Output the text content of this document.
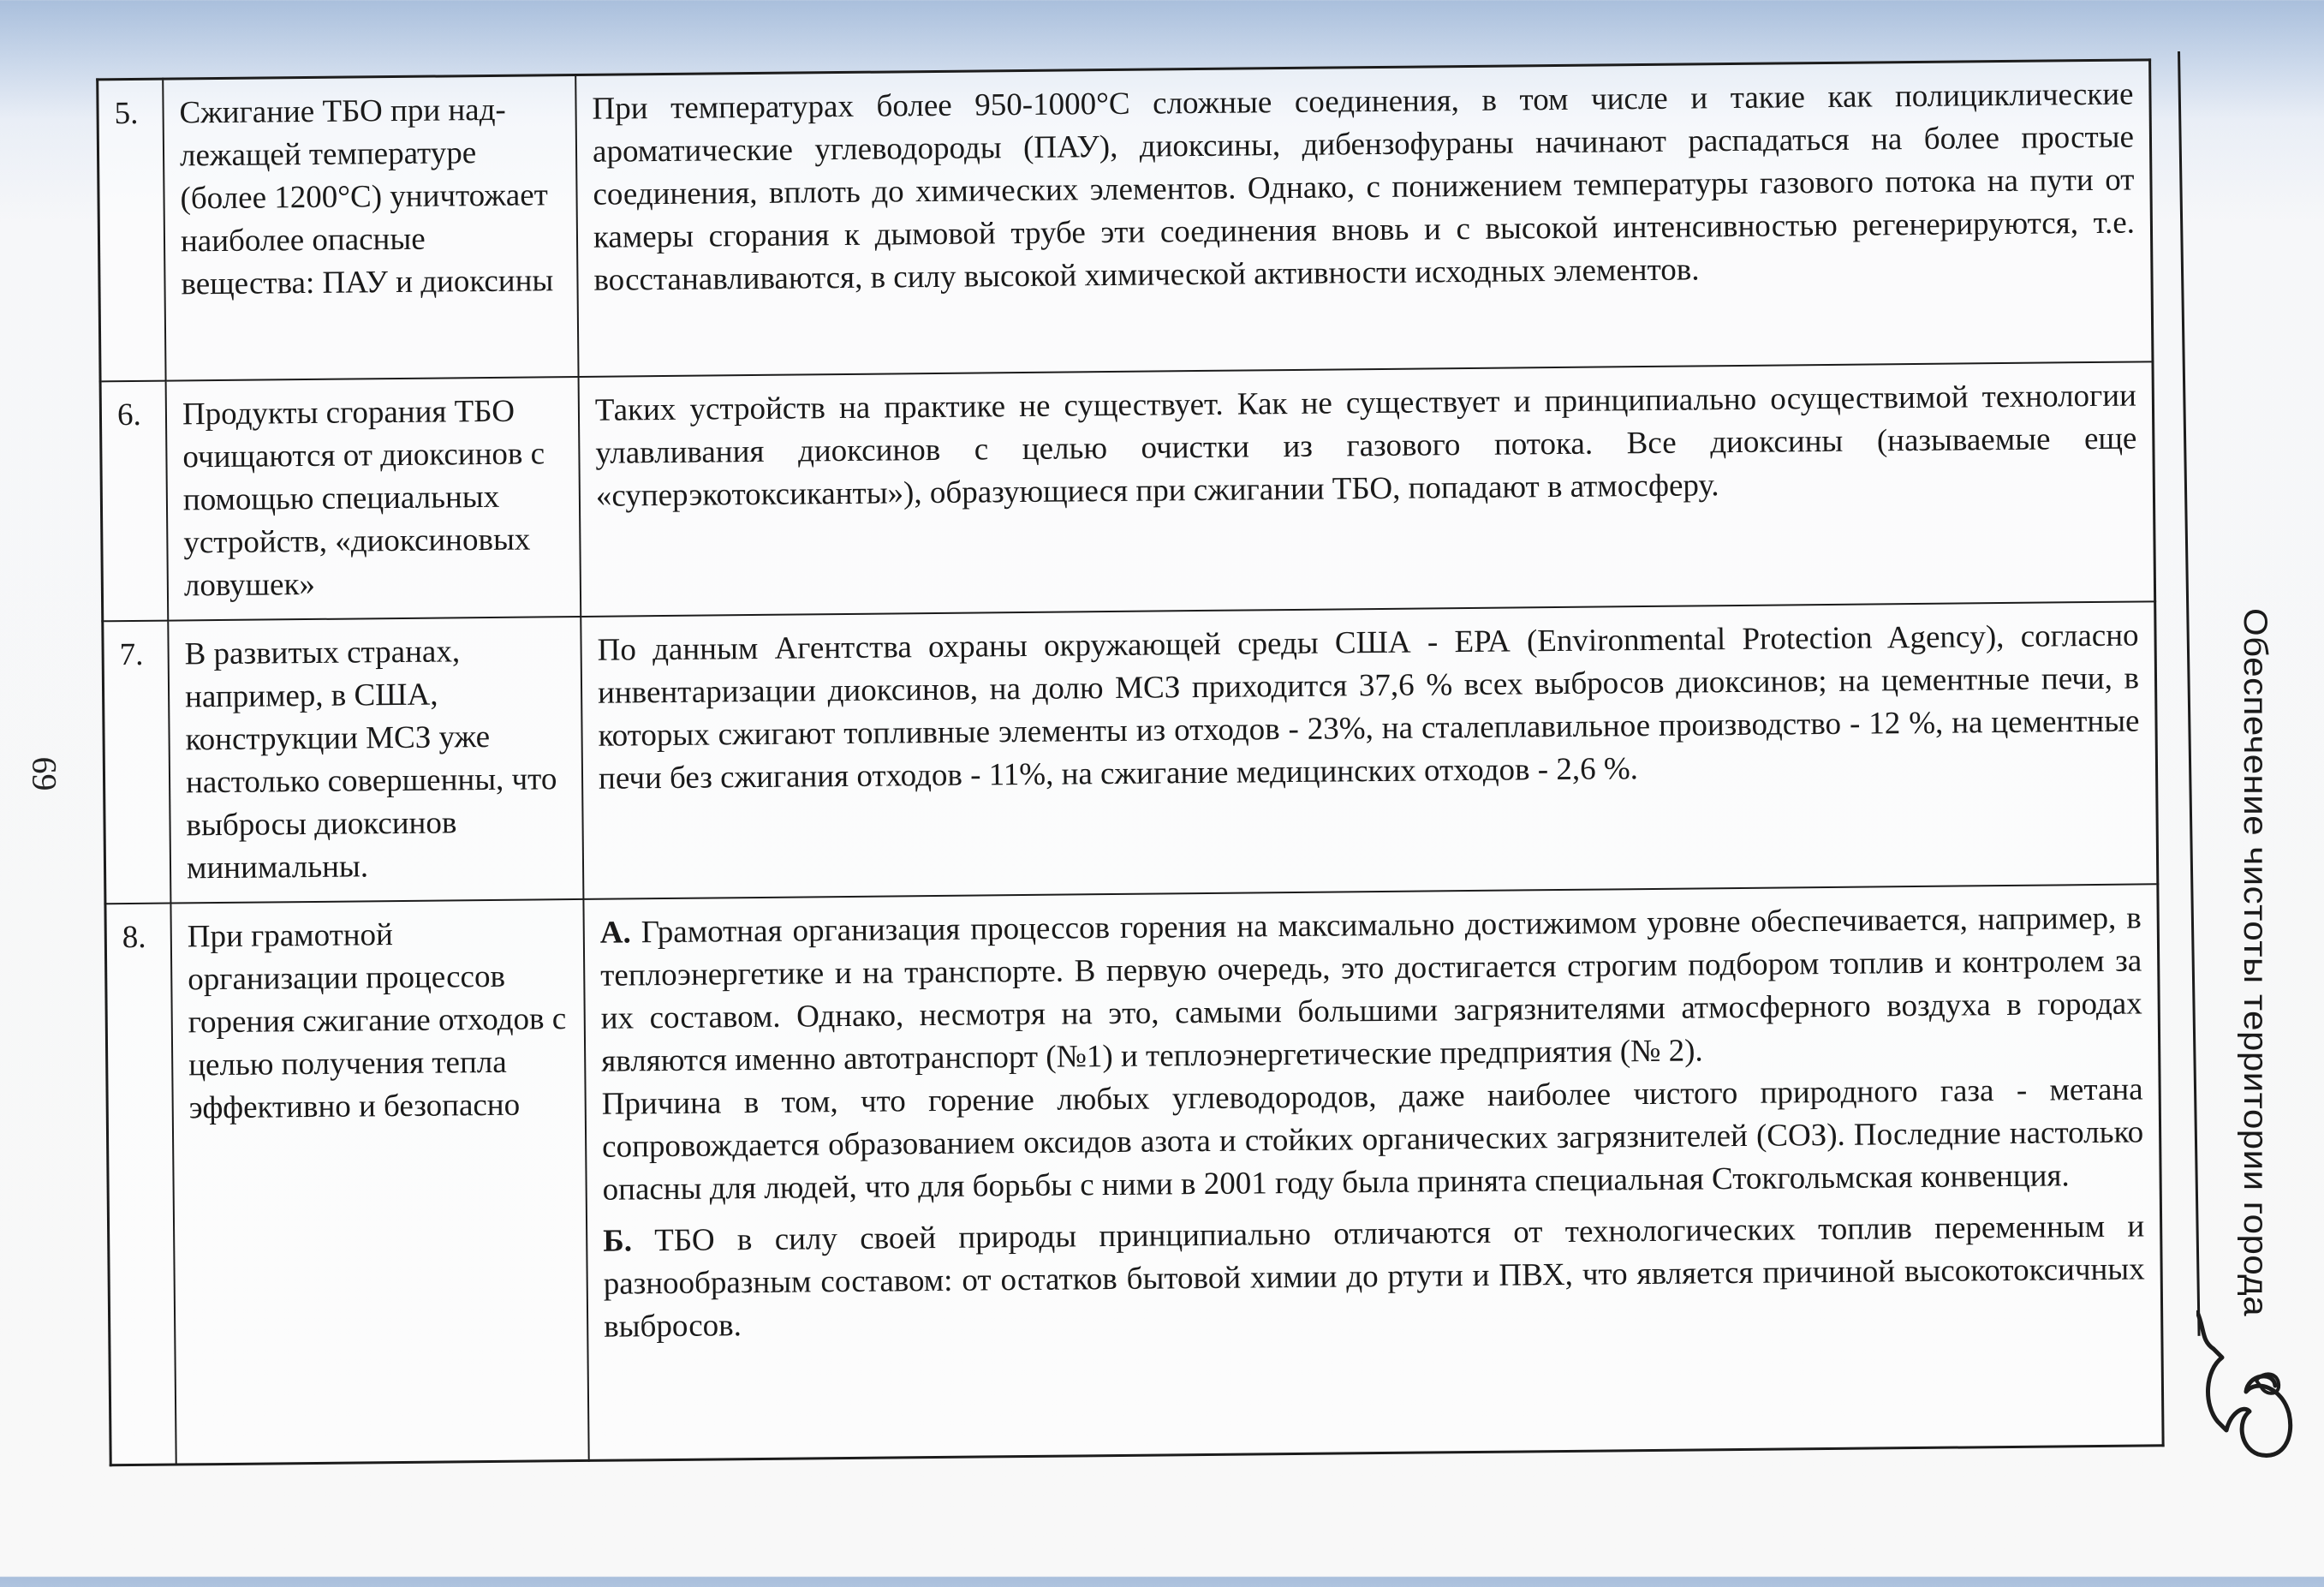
5.	Сжигание ТБО при над-лежащей температуре (более 1200°С) уничтожает наиболее опасные вещества: ПАУ и диоксины	При температурах более 950-1000°С сложные соединения, в том числе и такие как полициклические ароматические углеводороды (ПАУ), диоксины, дибензофураны начинают распадаться на более простые соединения, вплоть до химических элементов. Однако, с понижением температуры газового потока на пути от камеры сгорания к дымовой трубе эти соединения вновь и с высокой интенсивностью регенерируются, т.е. восстанавливаются, в силу высокой химической активности исходных элементов.

6.	Продукты сгорания ТБО очищаются от диоксинов с помощью специальных устройств, «диоксиновых ловушек»	Таких устройств на практике не существует. Как не существует и принципиально осуществимой технологии улавливания диоксинов с целью очистки из газового потока. Все диоксины (называемые еще «суперэкотоксиканты»), образующиеся при сжигании ТБО, попадают в атмосферу.

7.	В развитых странах, например, в США, конструкции МСЗ уже настолько совершенны, что выбросы диоксинов минимальны.	По данным Агентства охраны окружающей среды США - ЕРА (Environmental Protection Agency), согласно инвентаризации диоксинов, на долю МСЗ приходится 37,6 % всех выбросов диоксинов; на цементные печи, в которых сжигают топливные элементы из отходов - 23%, на сталеплавильное производство - 12 %, на цементные печи без сжигания отходов - 11%, на сжигание медицинских отходов - 2,6 %.

8.	При грамотной организации процессов горения сжигание отходов с целью получения тепла эффективно и безопасно	А. Грамотная организация процессов горения на максимально достижимом уровне обеспечивается, например, в теплоэнергетике и на транспорте. В первую очередь, это достигается строгим подбором топлив и контролем за их составом. Однако, несмотря на это, самыми большими загрязнителями атмосферного воздуха в городах являются именно автотранспорт (№1) и теплоэнергетические предприятия (№ 2).

Причина в том, что горение любых углеводородов, даже наиболее чистого природного газа - метана сопровождается образованием оксидов азота и стойких органических загрязнителей (СОЗ). Последние настолько опасны для людей, что для борьбы с ними в 2001 году была принята специальная Стокгольмская конвенция.

Б. ТБО в силу своей природы принципиально отличаются от технологических топлив переменным и разнообразным составом: от остатков бытовой химии до ртути и ПВХ, что является причиной высокотоксичных выбросов.

69	Обеспечение чистоты территории города
